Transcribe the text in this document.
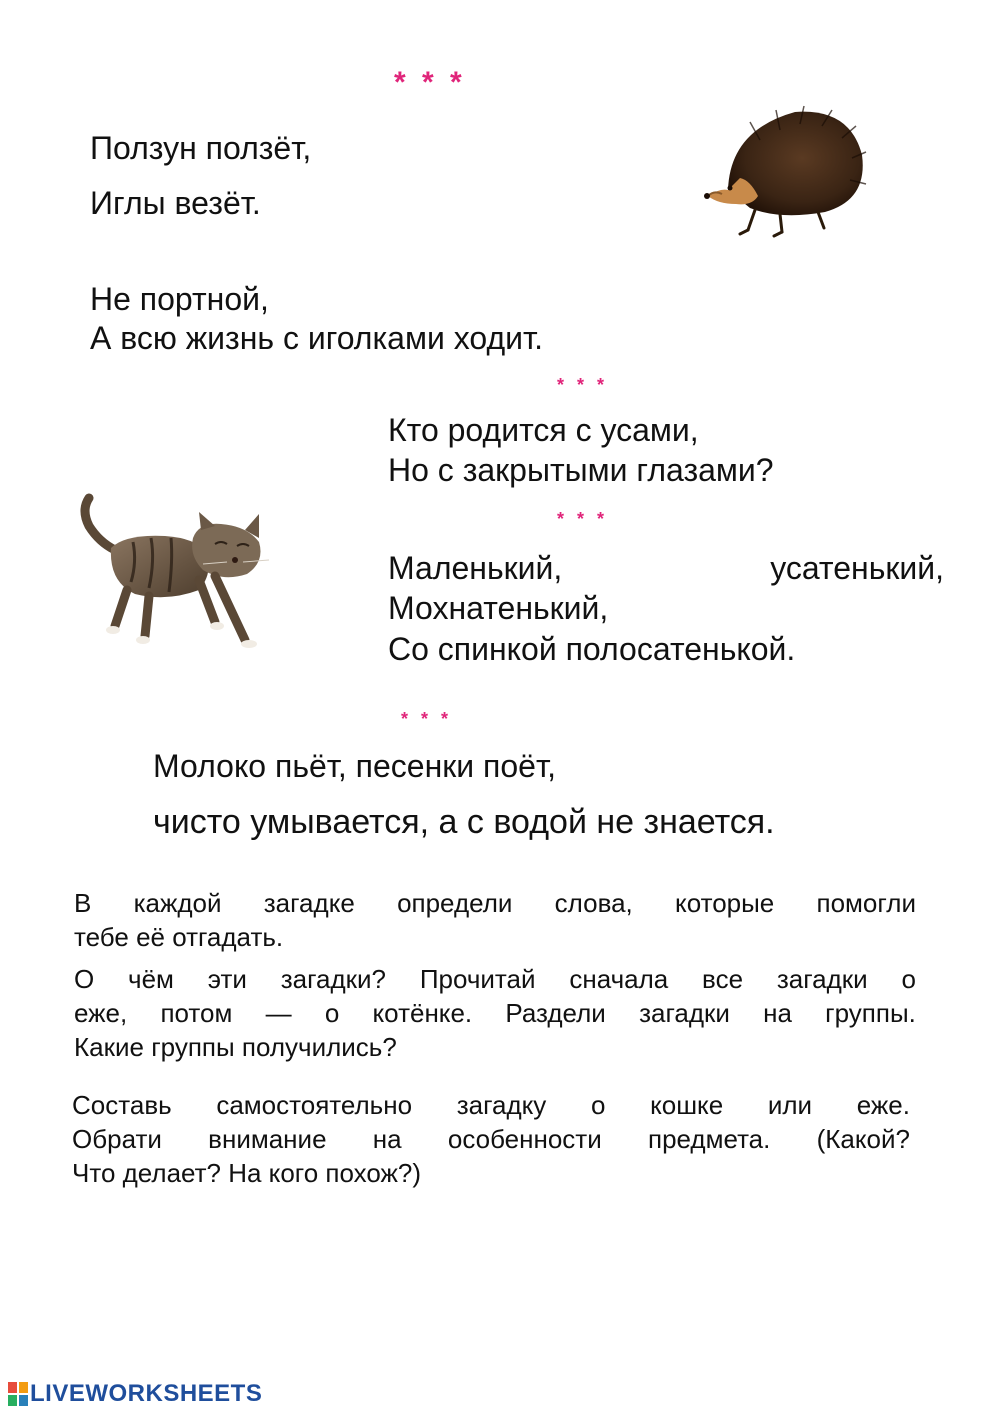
* * *
Ползун ползёт,
Иглы везёт.
Не портной,
А всю жизнь с иголками ходит.
* * *
Кто родится с усами,
Но с закрытыми глазами?
* * *
Маленький,	усатенький,
Мохнатенький,
Со спинкой полосатенькой.
* * *
Молоко пьёт, песенки поёт,
чисто умывается, а с водой не знается.
В каждой загадке определи слова, которые помогли
тебе её отгадать.
О чём эти загадки? Прочитай сначала все загадки о
еже, потом — о котёнке. Раздели загадки на группы.
Какие группы получились?
Составь самостоятельно загадку о кошке или еже.
Обрати внимание на особенности предмета. (Какой?
Что делает? На кого похож?)
LIVEWORKSHEETS
